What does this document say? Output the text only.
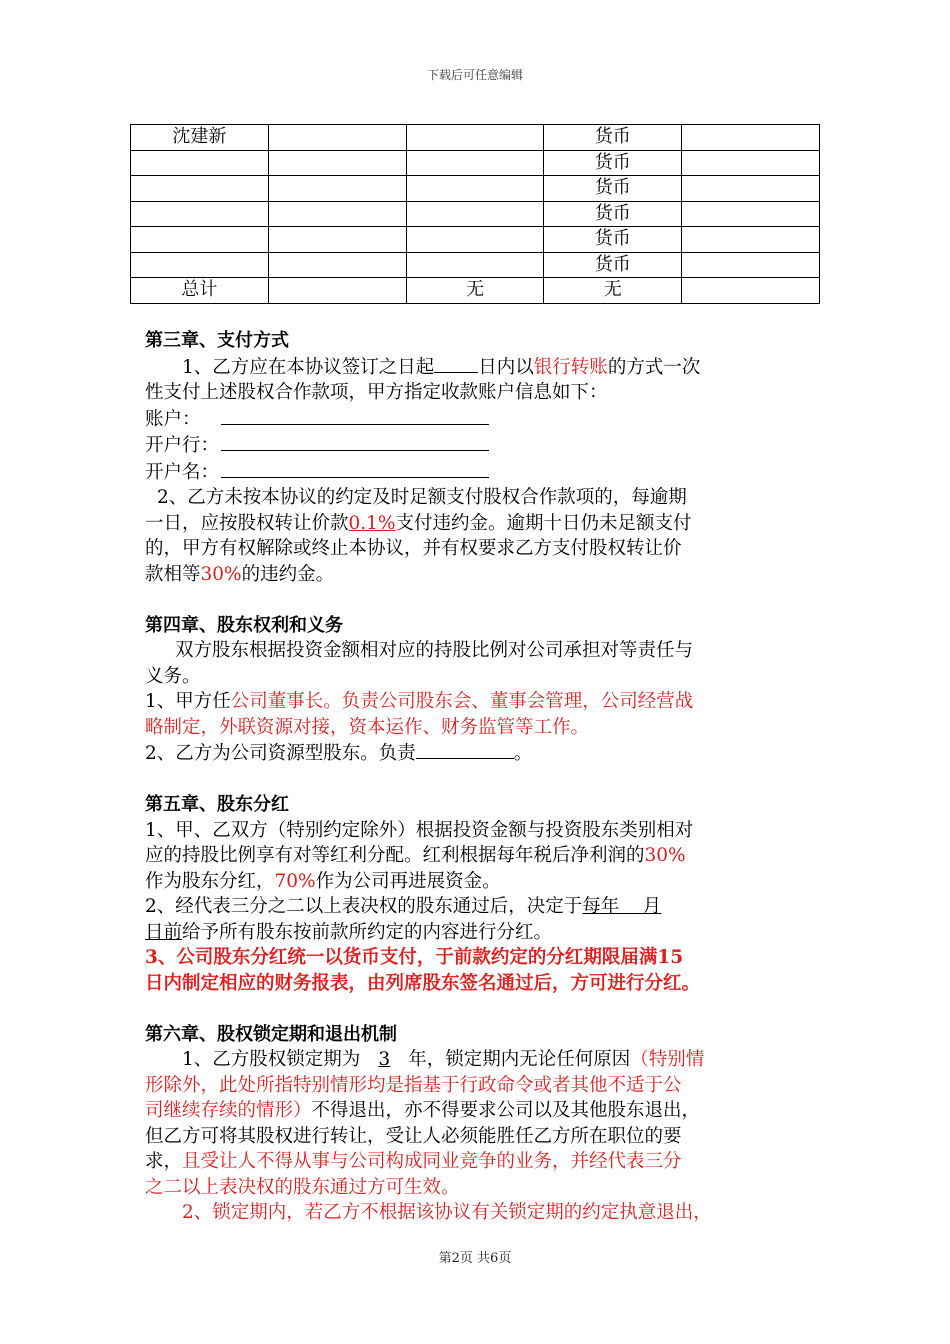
下载后可任意编辑
沈建新			货币	
			货币	
			货币	
			货币	
			货币	
			货币	
总计		无	无	

第三章、支付方式

1、乙方应在本协议签订之日起 日内以银行转账的方式一次

性支付上述股权合作款项，甲方指定收款账户信息如下：

账户：

开户行：

开户名：

2、乙方未按本协议的约定及时足额支付股权合作款项的，每逾期

一日，应按股权转让价款0.1%支付违约金。逾期十日仍未足额支付

的，甲方有权解除或终止本协议，并有权要求乙方支付股权转让价

款相等30%的违约金。

第四章、股东权利和义务

双方股东根据投资金额相对应的持股比例对公司承担对等责任与

义务。

1、甲方任公司董事长。负责公司股东会、董事会管理，公司经营战

略制定，外联资源对接，资本运作、财务监管等工作。

2、乙方为公司资源型股东。负责	。

第五章、股东分红

1、甲、乙双方（特别约定除外）根据投资金额与投资股东类别相对

应的持股比例享有对等红利分配。红利根据每年税后净利润的30%

作为股东分红，70%作为公司再进展资金。

2、经代表三分之二以上表决权的股东通过后，决定于每年    月

日前给予所有股东按前款所约定的内容进行分红。

3、公司股东分红统一以货币支付，于前款约定的分红期限届满15

日内制定相应的财务报表，由列席股东签名通过后，方可进行分红。

第六章、股权锁定期和退出机制

1、乙方股权锁定期为 3 年，锁定期内无论任何原因（特别情

形除外，此处所指特别情形均是指基于行政命令或者其他不适于公

司继续存续的情形）不得退出，亦不得要求公司以及其他股东退出，

但乙方可将其股权进行转让，受让人必须能胜任乙方所在职位的要

求，且受让人不得从事与公司构成同业竞争的业务，并经代表三分

之二以上表决权的股东通过方可生效。

2、锁定期内，若乙方不根据该协议有关锁定期的约定执意退出，

第2页 共6页
